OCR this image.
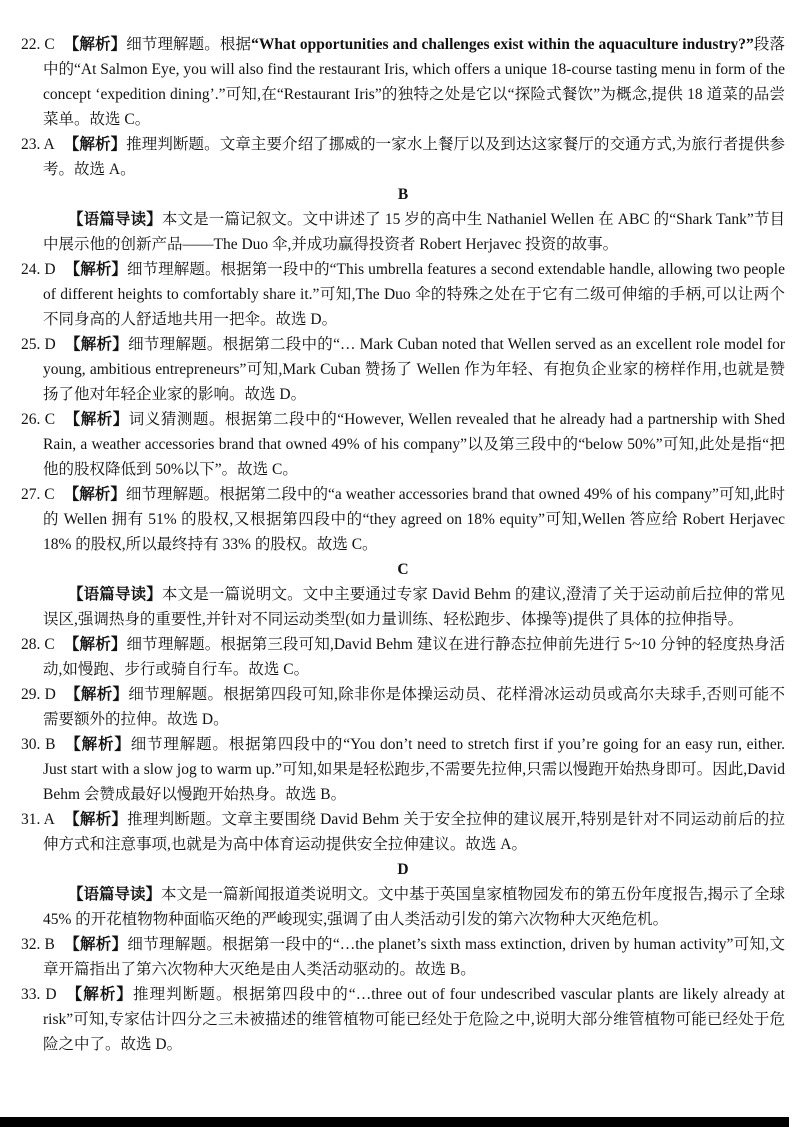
22. C 【解析】细节理解题。根据“What opportunities and challenges exist within the aquaculture industry?”段落中的“At Salmon Eye, you will also find the restaurant Iris, which offers a unique 18-course tasting menu in form of the concept ‘expedition dining’.”可知,在“Restaurant Iris”的独特之处是它以“探险式餐饮”为概念,提供 18 道菜的品尝菜单。故选 C。

23. A 【解析】推理判断题。文章主要介绍了挪威的一家水上餐厅以及到达这家餐厅的交通方式,为旅行者提供参考。故选 A。

B

【语篇导读】本文是一篇记叙文。文中讲述了 15 岁的高中生 Nathaniel Wellen 在 ABC 的“Shark Tank”节目中展示他的创新产品——The Duo 伞,并成功赢得投资者 Robert Herjavec 投资的故事。

24. D 【解析】细节理解题。根据第一段中的“This umbrella features a second extendable handle, allowing two people of different heights to comfortably share it.”可知,The Duo 伞的特殊之处在于它有二级可伸缩的手柄,可以让两个不同身高的人舒适地共用一把伞。故选 D。

25. D 【解析】细节理解题。根据第二段中的“… Mark Cuban noted that Wellen served as an excellent role model for young, ambitious entrepreneurs”可知,Mark Cuban 赞扬了 Wellen 作为年轻、有抱负企业家的榜样作用,也就是赞扬了他对年轻企业家的影响。故选 D。

26. C 【解析】词义猜测题。根据第二段中的“However, Wellen revealed that he already had a partnership with Shed Rain, a weather accessories brand that owned 49% of his company”以及第三段中的“below 50%”可知,此处是指“把他的股权降低到 50%以下”。故选 C。

27. C 【解析】细节理解题。根据第二段中的“a weather accessories brand that owned 49% of his company”可知,此时的 Wellen 拥有 51% 的股权,又根据第四段中的“they agreed on 18% equity”可知,Wellen 答应给 Robert Herjavec 18% 的股权,所以最终持有 33% 的股权。故选 C。

C

【语篇导读】本文是一篇说明文。文中主要通过专家 David Behm 的建议,澄清了关于运动前后拉伸的常见误区,强调热身的重要性,并针对不同运动类型(如力量训练、轻松跑步、体操等)提供了具体的拉伸指导。

28. C 【解析】细节理解题。根据第三段可知,David Behm 建议在进行静态拉伸前先进行 5~10 分钟的轻度热身活动,如慢跑、步行或骑自行车。故选 C。

29. D 【解析】细节理解题。根据第四段可知,除非你是体操运动员、花样滑冰运动员或高尔夫球手,否则可能不需要额外的拉伸。故选 D。

30. B 【解析】细节理解题。根据第四段中的“You don’t need to stretch first if you’re going for an easy run, either. Just start with a slow jog to warm up.”可知,如果是轻松跑步,不需要先拉伸,只需以慢跑开始热身即可。因此,David Behm 会赞成最好以慢跑开始热身。故选 B。

31. A 【解析】推理判断题。文章主要围绕 David Behm 关于安全拉伸的建议展开,特别是针对不同运动前后的拉伸方式和注意事项,也就是为高中体育运动提供安全拉伸建议。故选 A。

D

【语篇导读】本文是一篇新闻报道类说明文。文中基于英国皇家植物园发布的第五份年度报告,揭示了全球 45% 的开花植物物种面临灭绝的严峻现实,强调了由人类活动引发的第六次物种大灭绝危机。

32. B 【解析】细节理解题。根据第一段中的“…the planet’s sixth mass extinction, driven by human activity”可知,文章开篇指出了第六次物种大灭绝是由人类活动驱动的。故选 B。

33. D 【解析】推理判断题。根据第四段中的“…three out of four undescribed vascular plants are likely already at risk”可知,专家估计四分之三未被描述的维管植物可能已经处于危险之中,说明大部分维管植物可能已经处于危险之中了。故选 D。
